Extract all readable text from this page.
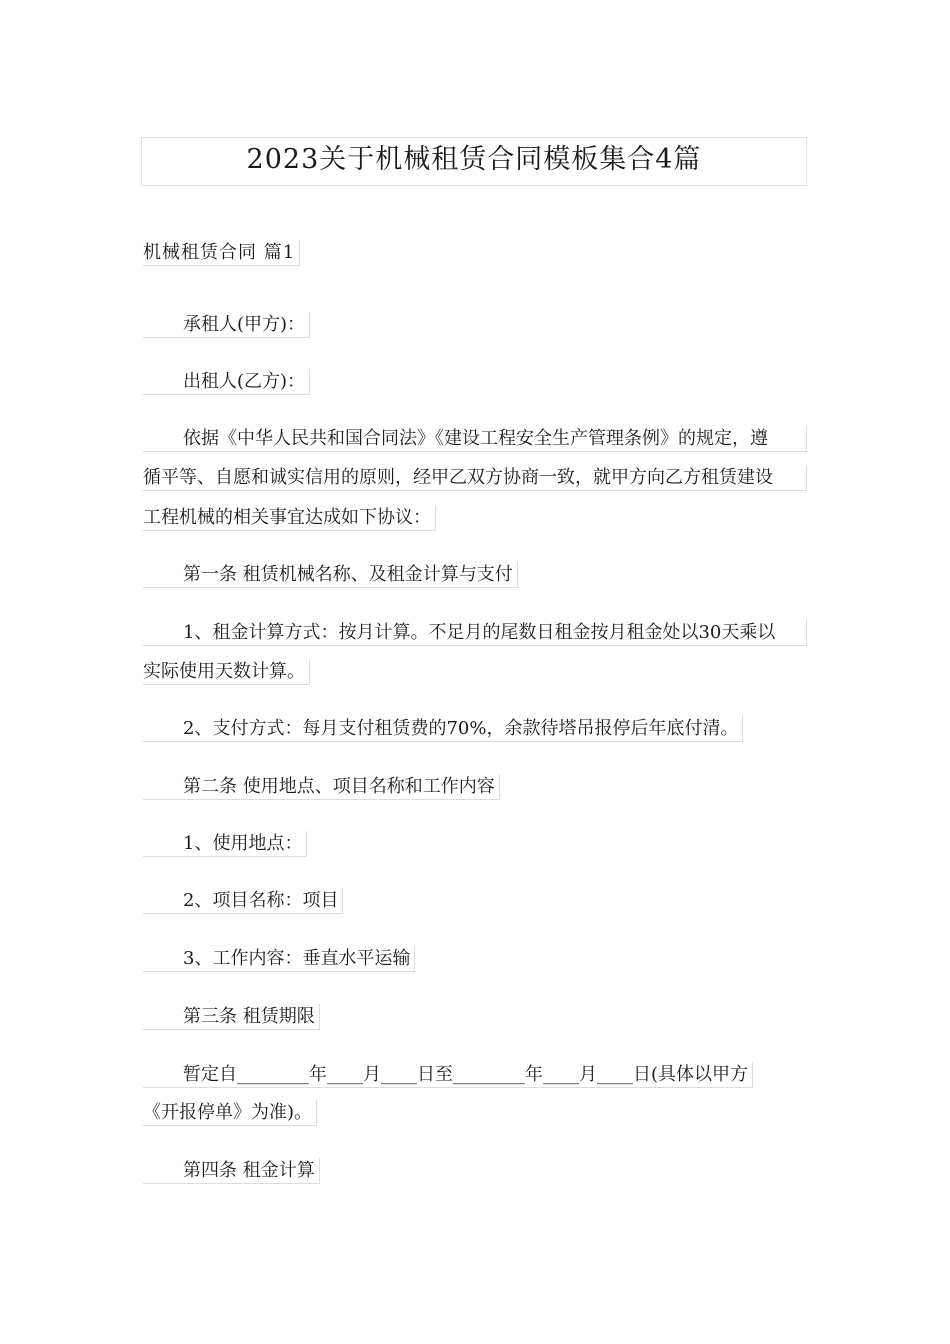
2023关于机械租赁合同模板集合4篇
机械租赁合同 篇1
承租人(甲方)：
出租人(乙方)：
依据《中华人民共和国合同法》《建设工程安全生产管理条例》的规定，遵
循平等、自愿和诚实信用的原则，经甲乙双方协商一致，就甲方向乙方租赁建设
工程机械的相关事宜达成如下协议：
第一条 租赁机械名称、及租金计算与支付
1、租金计算方式：按月计算。不足月的尾数日租金按月租金处以30天乘以
实际使用天数计算。
2、支付方式：每月支付租赁费的70%，余款待塔吊报停后年底付清。
第二条 使用地点、项目名称和工作内容
1、使用地点：
2、项目名称：项目
3、工作内容：垂直水平运输
第三条 租赁期限
暂定自________年____月____日至________年____月____日(具体以甲方
《开报停单》为准)。
第四条 租金计算
